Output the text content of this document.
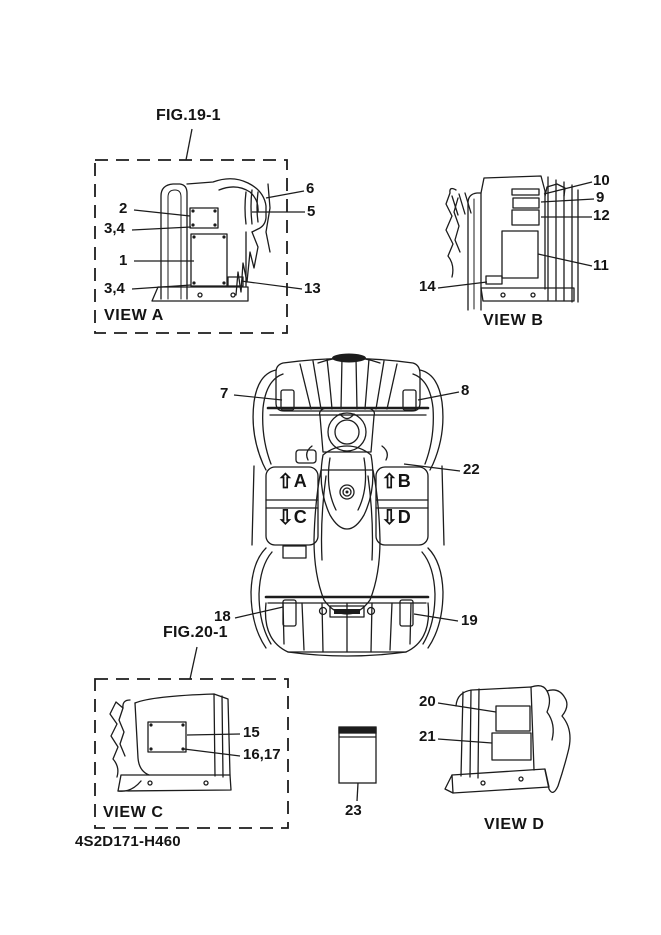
FIG.19-1
2
3,4
1
3,4
6
5
13
VIEW A
10
9
12
11
14
VIEW B
7	8
22
18	19
⇧A	⇧B
⇩C	⇩D
FIG.20-1
15
16,17
VIEW C	23
20
21
VIEW D
4S2D171-H460
